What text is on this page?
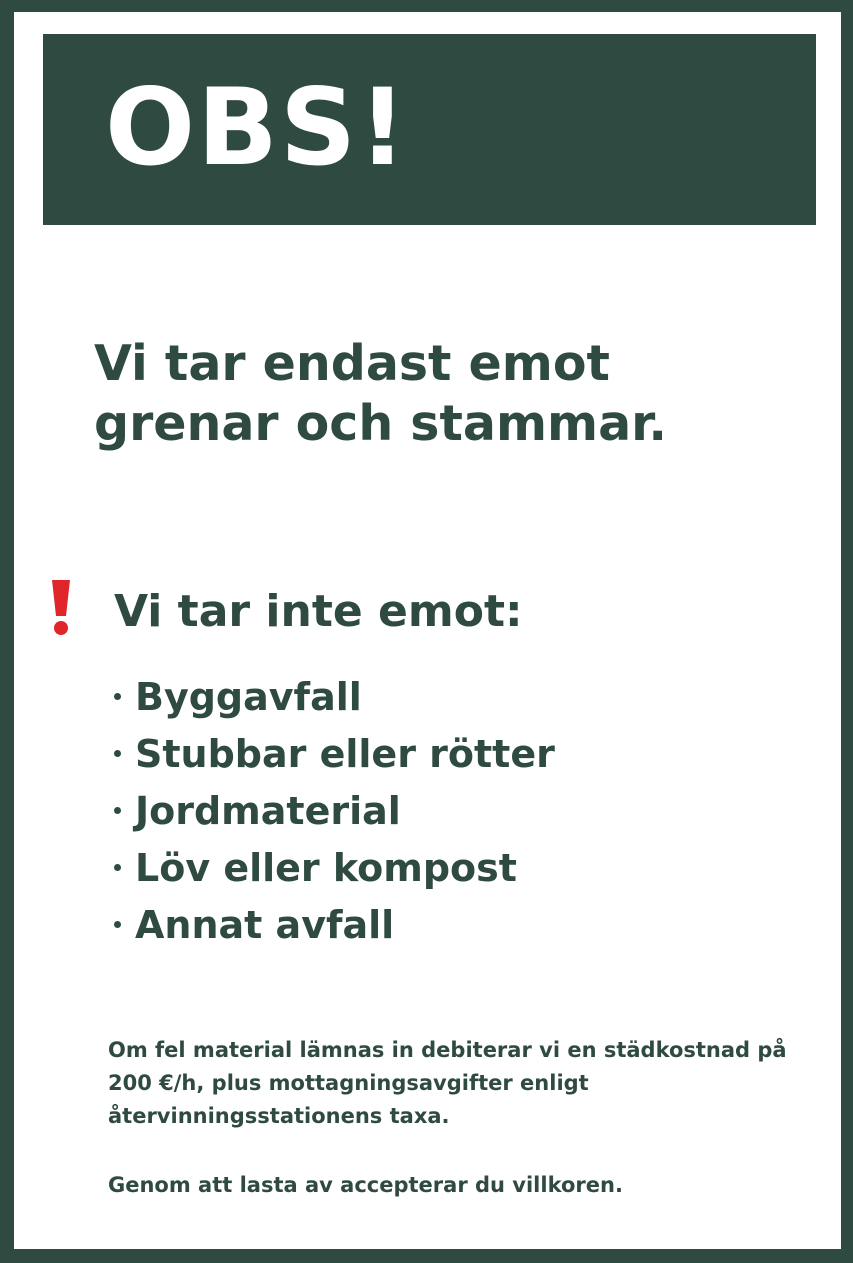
OBS!

Vi tar endast emot grenar och stammar.

Vi tar inte emot:
Byggavfall
Stubbar eller rötter
Jordmaterial
Löv eller kompost
Annat avfall

Om fel material lämnas in debiterar vi en städkostnad på 200 €/h, plus mottagningsavgifter enligt återvinningsstationens taxa.

Genom att lasta av accepterar du villkoren.
